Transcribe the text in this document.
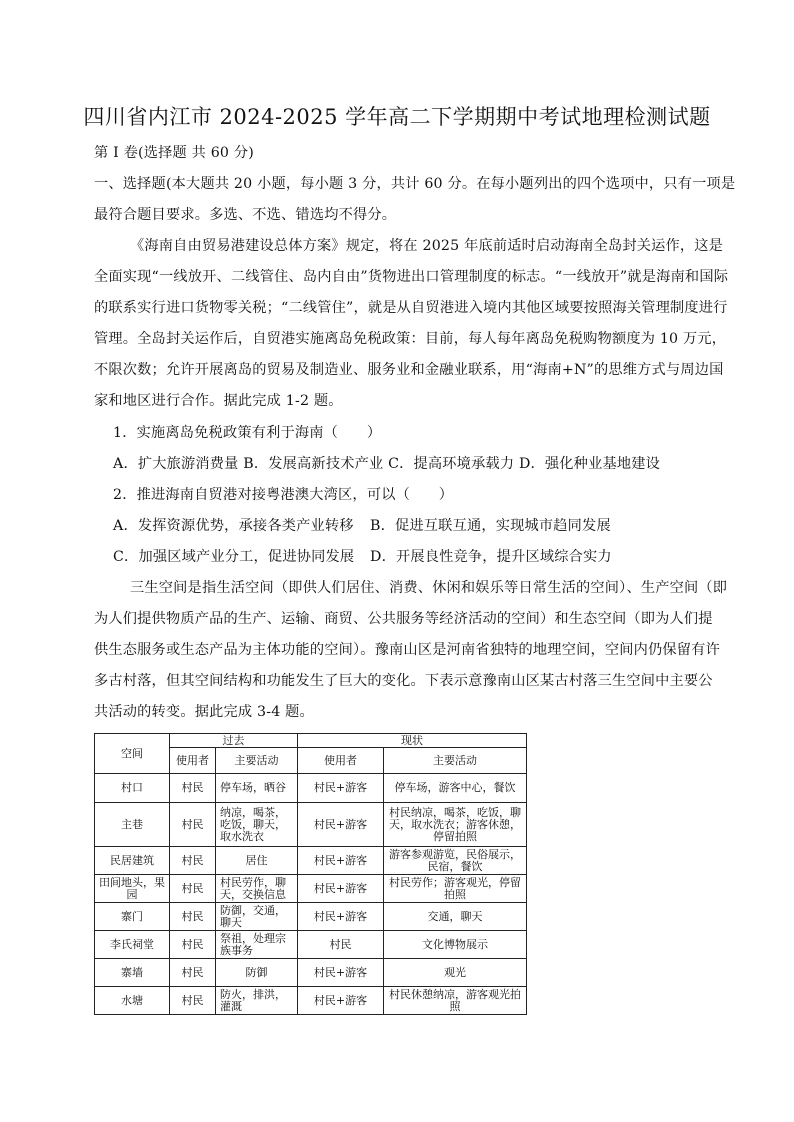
四川省内江市 2024-2025 学年高二下学期期中考试地理检测试题
第 I 卷(选择题 共 60 分)
一、选择题(本大题共 20 小题，每小题 3 分，共计 60 分。在每小题列出的四个选项中，只有一项是
最符合题目要求。多选、不选、错选均不得分。
《海南自由贸易港建设总体方案》规定，将在 2025 年底前适时启动海南全岛封关运作，这是
全面实现“一线放开、二线管住、岛内自由”货物进出口管理制度的标志。“一线放开”就是海南和国际
的联系实行进口货物零关税；“二线管住”，就是从自贸港进入境内其他区域要按照海关管理制度进行
管理。全岛封关运作后，自贸港实施离岛免税政策：目前，每人每年离岛免税购物额度为 10 万元，
不限次数；允许开展离岛的贸易及制造业、服务业和金融业联系，用“海南+N”的思维方式与周边国
家和地区进行合作。据此完成 1-2 题。
1．实施离岛免税政策有利于海南（　　）
A．扩大旅游消费量 B．发展高新技术产业 C．提高环境承载力 D．强化种业基地建设
2．推进海南自贸港对接粤港澳大湾区，可以（　　）
A．发挥资源优势，承接各类产业转移 B．促进互联互通，实现城市趋同发展
C．加强区域产业分工，促进协同发展 D．开展良性竞争，提升区域综合实力
三生空间是指生活空间（即供人们居住、消费、休闲和娱乐等日常生活的空间）、生产空间（即
为人们提供物质产品的生产、运输、商贸、公共服务等经济活动的空间）和生态空间（即为人们提
供生态服务或生态产品为主体功能的空间）。豫南山区是河南省独特的地理空间，空间内仍保留有许
多古村落，但其空间结构和功能发生了巨大的变化。下表示意豫南山区某古村落三生空间中主要公
共活动的转变。据此完成 3-4 题。
空间	过去		现状	
	使用者	主要活动	使用者	主要活动
村口	村民	停车场，晒谷	村民+游客	停车场，游客中心，餐饮
主巷	村民	纳凉，喝茶，吃饭，聊天，取水洗衣	村民+游客	村民纳凉，喝茶，吃饭，聊天，取水洗衣；游客休憩，停留拍照
民居建筑	村民	居住	村民+游客	游客参观游览，民俗展示，民宿，餐饮
田间地头，果园	村民	村民劳作，聊天，交换信息	村民+游客	村民劳作；游客观光，停留拍照
寨门	村民	防御，交通，聊天	村民+游客	交通，聊天
李氏祠堂	村民	祭祖，处理宗族事务	村民	文化博物展示
寨墙	村民	防御	村民+游客	观光
水塘	村民	防火，排洪，灌溉	村民+游客	村民休憩纳凉，游客观光拍照
